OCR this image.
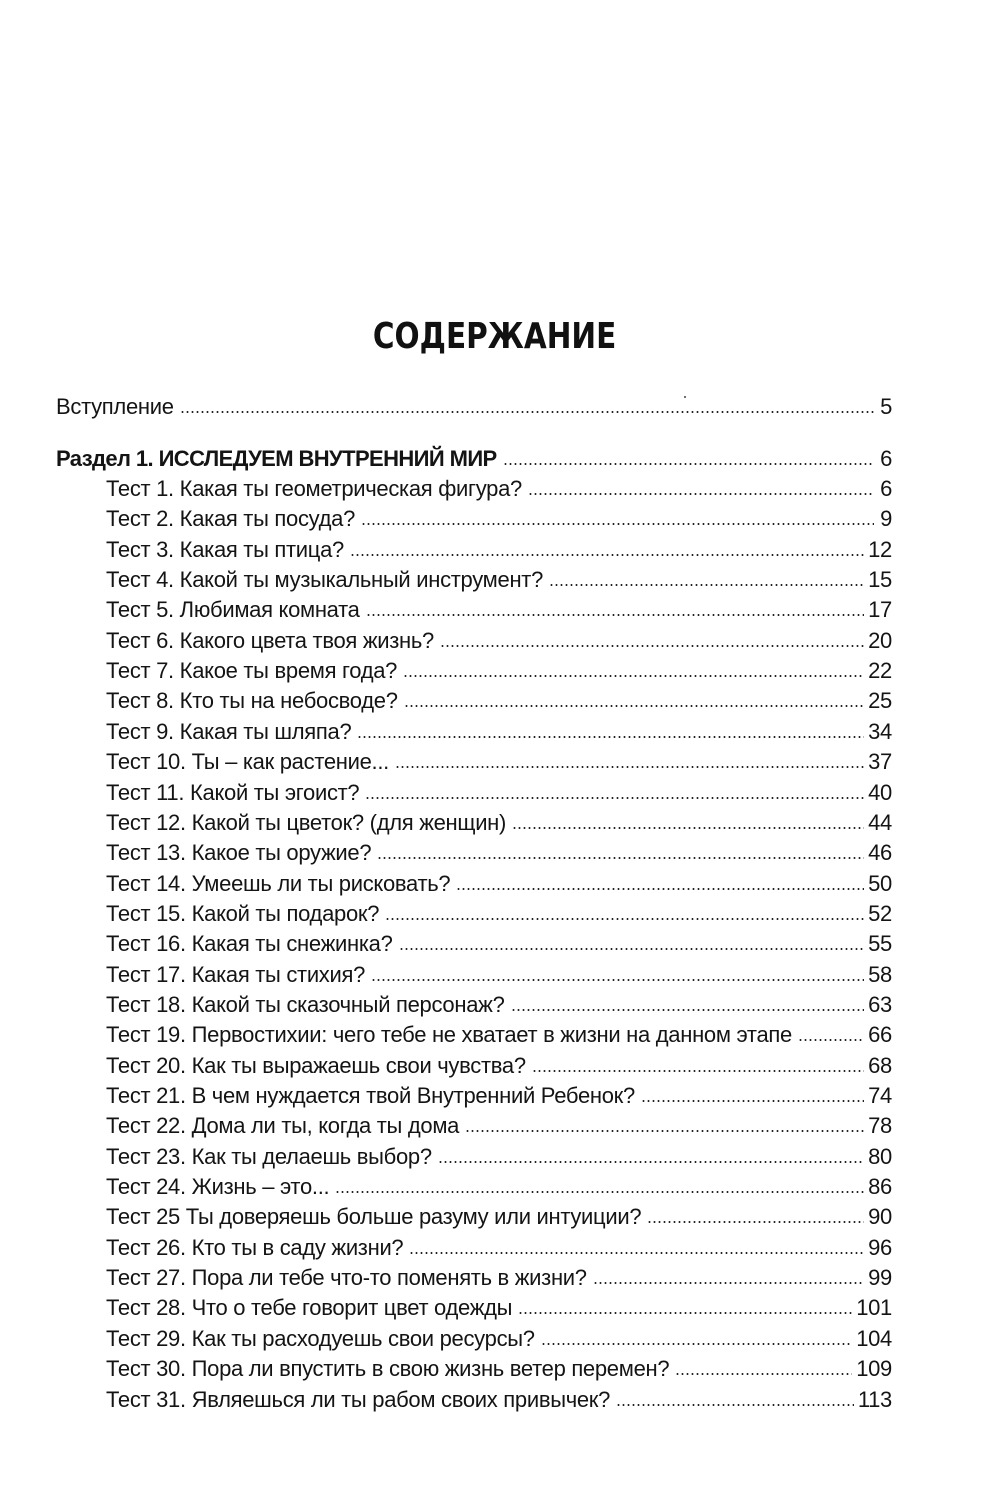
СОДЕРЖАНИЕ
Вступление	5
Раздел 1. ИССЛЕДУЕМ ВНУТРЕННИЙ МИР	6
Тест 1. Какая ты геометрическая фигура?	6
Тест 2. Какая ты посуда?	9
Тест 3. Какая ты птица?	12
Тест 4. Какой ты музыкальный инструмент?	15
Тест 5. Любимая комната	17
Тест 6. Какого цвета твоя жизнь?	20
Тест 7. Какое ты время года?	22
Тест 8. Кто ты на небосводе?	25
Тест 9. Какая ты шляпа?	34
Тест 10. Ты – как растение...	37
Тест 11. Какой ты эгоист?	40
Тест 12. Какой ты цветок? (для женщин)	44
Тест 13. Какое ты оружие?	46
Тест 14. Умеешь ли ты рисковать?	50
Тест 15. Какой ты подарок?	52
Тест 16. Какая ты снежинка?	55
Тест 17. Какая ты стихия?	58
Тест 18. Какой ты сказочный персонаж?	63
Тест 19. Первостихии: чего тебе не хватает в жизни на данном этапе	66
Тест 20. Как ты выражаешь свои чувства?	68
Тест 21. В чем нуждается твой Внутренний Ребенок?	74
Тест 22. Дома ли ты, когда ты дома	78
Тест 23. Как ты делаешь выбор?	80
Тест 24. Жизнь – это...	86
Тест 25 Ты доверяешь больше разуму или интуиции?	90
Тест 26. Кто ты в саду жизни?	96
Тест 27. Пора ли тебе что-то поменять в жизни?	99
Тест 28. Что о тебе говорит цвет одежды	101
Тест 29. Как ты расходуешь свои ресурсы?	104
Тест 30. Пора ли впустить в свою жизнь ветер перемен?	109
Тест 31. Являешься ли ты рабом своих привычек?	113
